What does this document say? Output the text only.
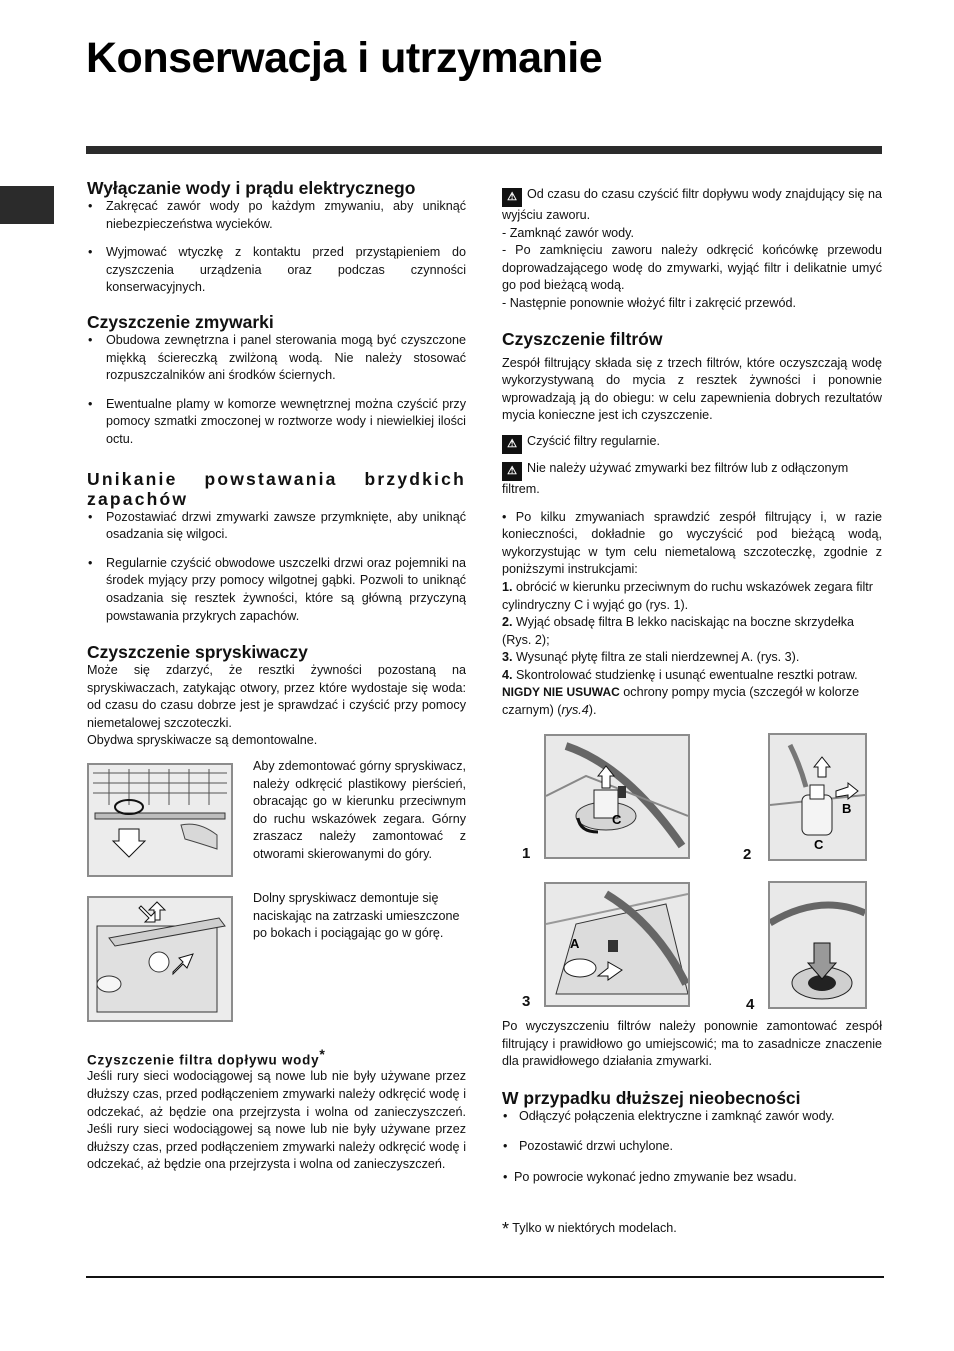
Konserwacja i utrzymanie
Wyłączanie wody i prądu elektrycznego
• Zakręcać zawór wody po każdym zmywaniu, aby uniknąć niebezpieczeństwa wycieków.
• Wyjmować wtyczkę z kontaktu przed przystąpieniem do czyszczenia urządzenia oraz podczas czynności konserwacyjnych.
Czyszczenie zmywarki
• Obudowa zewnętrzna i panel sterowania mogą być czyszczone miękką ściereczką zwilżoną wodą. Nie należy stosować rozpuszczalników ani środków ściernych.
• Ewentualne plamy w komorze wewnętrznej można czyścić przy pomocy szmatki zmoczonej w roztworze wody i niewielkiej ilości octu.
Unikanie powstawania brzydkich zapachów
• Pozostawiać drzwi zmywarki zawsze przymknięte, aby uniknąć osadzania się wilgoci.
• Regularnie czyścić obwodowe uszczelki drzwi oraz pojemniki na środek myjący przy pomocy wilgotnej gąbki. Pozwoli to uniknąć osadzania się resztek żywności, które są główną przyczyną powstawania przykrych zapachów.
Czyszczenie spryskiwaczy

Może się zdarzyć, że resztki żywności pozostaną na spryskiwaczach, zatykając otwory, przez które wydostaje się woda: od czasu do czasu dobrze jest je sprawdzać i czyścić przy pomocy niemetalowej szczoteczki.

Obydwa spryskiwacze są demontowalne.

Aby zdemontować górny spryskiwacz, należy odkręcić plastikowy pierścień, obracając go w kierunku przeciwnym do ruchu wskazówek zegara. Górny zraszacz należy zamontować z otworami skierowanymi do góry.
Dolny spryskiwacz demontuje się naciskając na zatrzaski umieszczone po bokach i pociągając go w górę.
Czyszczenie filtra dopływu wody*

Jeśli rury sieci wodociągowej są nowe lub nie były używane przez dłuższy czas, przed podłączeniem zmywarki należy odkręcić wodę i odczekać, aż będzie ona przejrzysta i wolna od zanieczyszczeń. Jeśli rury sieci wodociągowej są nowe lub nie były używane przez dłuższy czas, przed podłączeniem zmywarki należy odkręcić wodę i odczekać, aż będzie ona przejrzysta i wolna od zanieczyszczeń.

⚠ Od czasu do czasu czyścić filtr dopływu wody znajdujący się na wyjściu zaworu.

- Zamknąć zawór wody.

- Po zamknięciu zaworu należy odkręcić końcówkę przewodu doprowadzającego wodę do zmywarki, wyjąć filtr i delikatnie umyć go pod bieżącą wodą.

- Następnie ponownie włożyć filtr i zakręcić przewód.

Czyszczenie filtrów

Zespół filtrujący składa się z trzech filtrów, które oczyszczają wodę wykorzystywaną do mycia z resztek żywności i ponownie wprowadzają ją do obiegu: w celu zapewnienia dobrych rezultatów mycia konieczne jest ich czyszczenie.

⚠ Czyścić filtry regularnie.

⚠ Nie należy używać zmywarki bez filtrów lub z odłączonym filtrem.

• Po kilku zmywaniach sprawdzić zespół filtrujący i, w razie konieczności, dokładnie go wyczyścić pod bieżącą wodą, wykorzystując w tym celu niemetalową szczoteczkę, zgodnie z poniższymi instrukcjami:

1. obrócić w kierunku przeciwnym do ruchu wskazówek zegara filtr cylindryczny C i wyjąć go (rys. 1).

2. Wyjąć obsadę filtra B lekko naciskając na boczne skrzydełka (Rys. 2);

3. Wysunąć płytę filtra ze stali nierdzewnej A. (rys. 3).

4. Skontrolować studzienkę i usunąć ewentualne resztki potraw.

NIGDY NIE USUWAC ochrony pompy mycia (szczegół w kolorze czarnym) (rys.4).

C
1
B
C
2
A
3	4

Po wyczyszczeniu filtrów należy ponownie zamontować zespół filtrujący i prawidłowo go umiejscowić; ma to zasadnicze znaczenie dla prawidłowego działania zmywarki.

W przypadku dłuższej nieobecności
• Odłączyć połączenia elektryczne i zamknąć zawór wody.
• Pozostawić drzwi uchylone.
• Po powrocie wykonać jedno zmywanie bez wsadu.
* Tylko w niektórych modelach.
